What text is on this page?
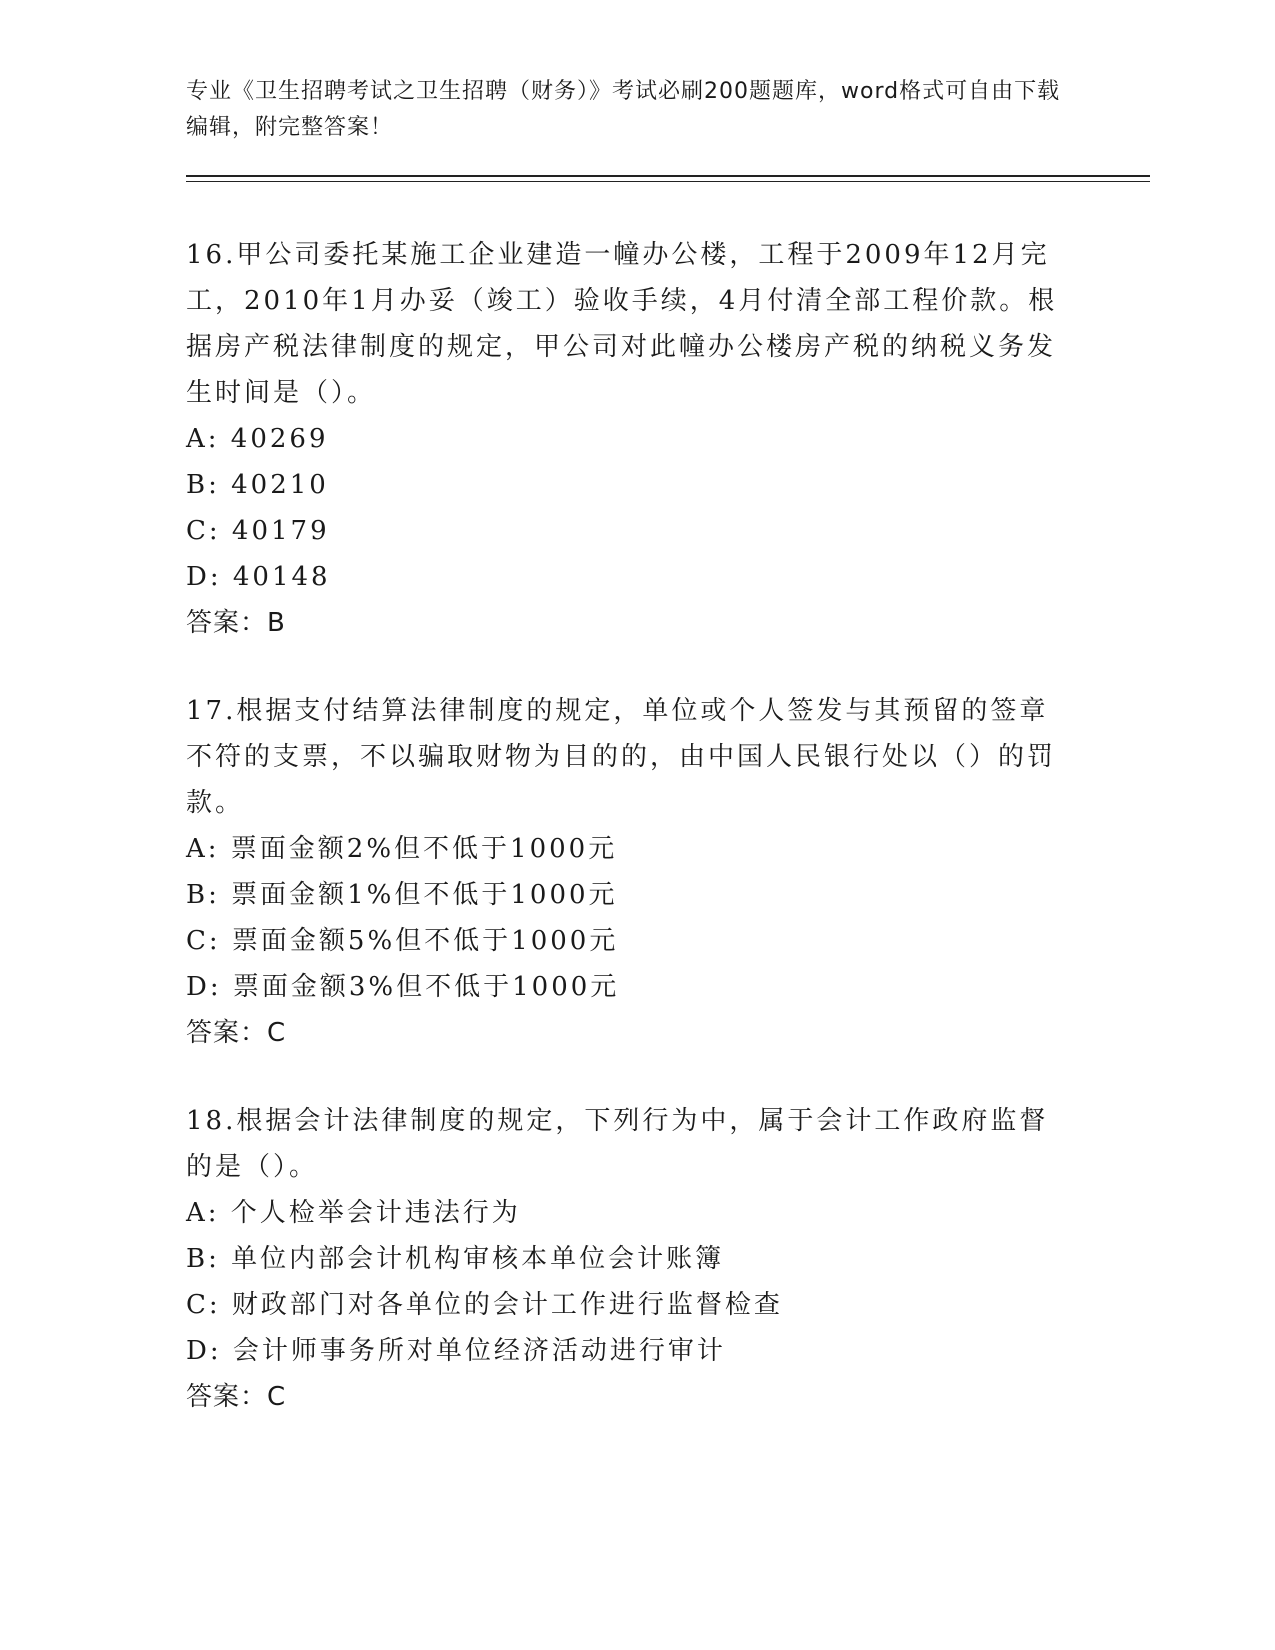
专业《卫生招聘考试之卫生招聘（财务）》考试必刷200题题库，word格式可自由下载编辑，附完整答案！

16.甲公司委托某施工企业建造一幢办公楼，工程于2009年12月完工，2010年1月办妥（竣工）验收手续，4月付清全部工程价款。根据房产税法律制度的规定，甲公司对此幢办公楼房产税的纳税义务发生时间是（）。

A: 40269
B: 40210
C: 40179
D: 40148
答案：B

17.根据支付结算法律制度的规定，单位或个人签发与其预留的签章不符的支票，不以骗取财物为目的的，由中国人民银行处以（）的罚款。

A: 票面金额2%但不低于1000元
B: 票面金额1%但不低于1000元
C: 票面金额5%但不低于1000元
D: 票面金额3%但不低于1000元
答案：C

18.根据会计法律制度的规定，下列行为中，属于会计工作政府监督的是（）。

A: 个人检举会计违法行为
B: 单位内部会计机构审核本单位会计账簿
C: 财政部门对各单位的会计工作进行监督检查
D: 会计师事务所对单位经济活动进行审计
答案：C
